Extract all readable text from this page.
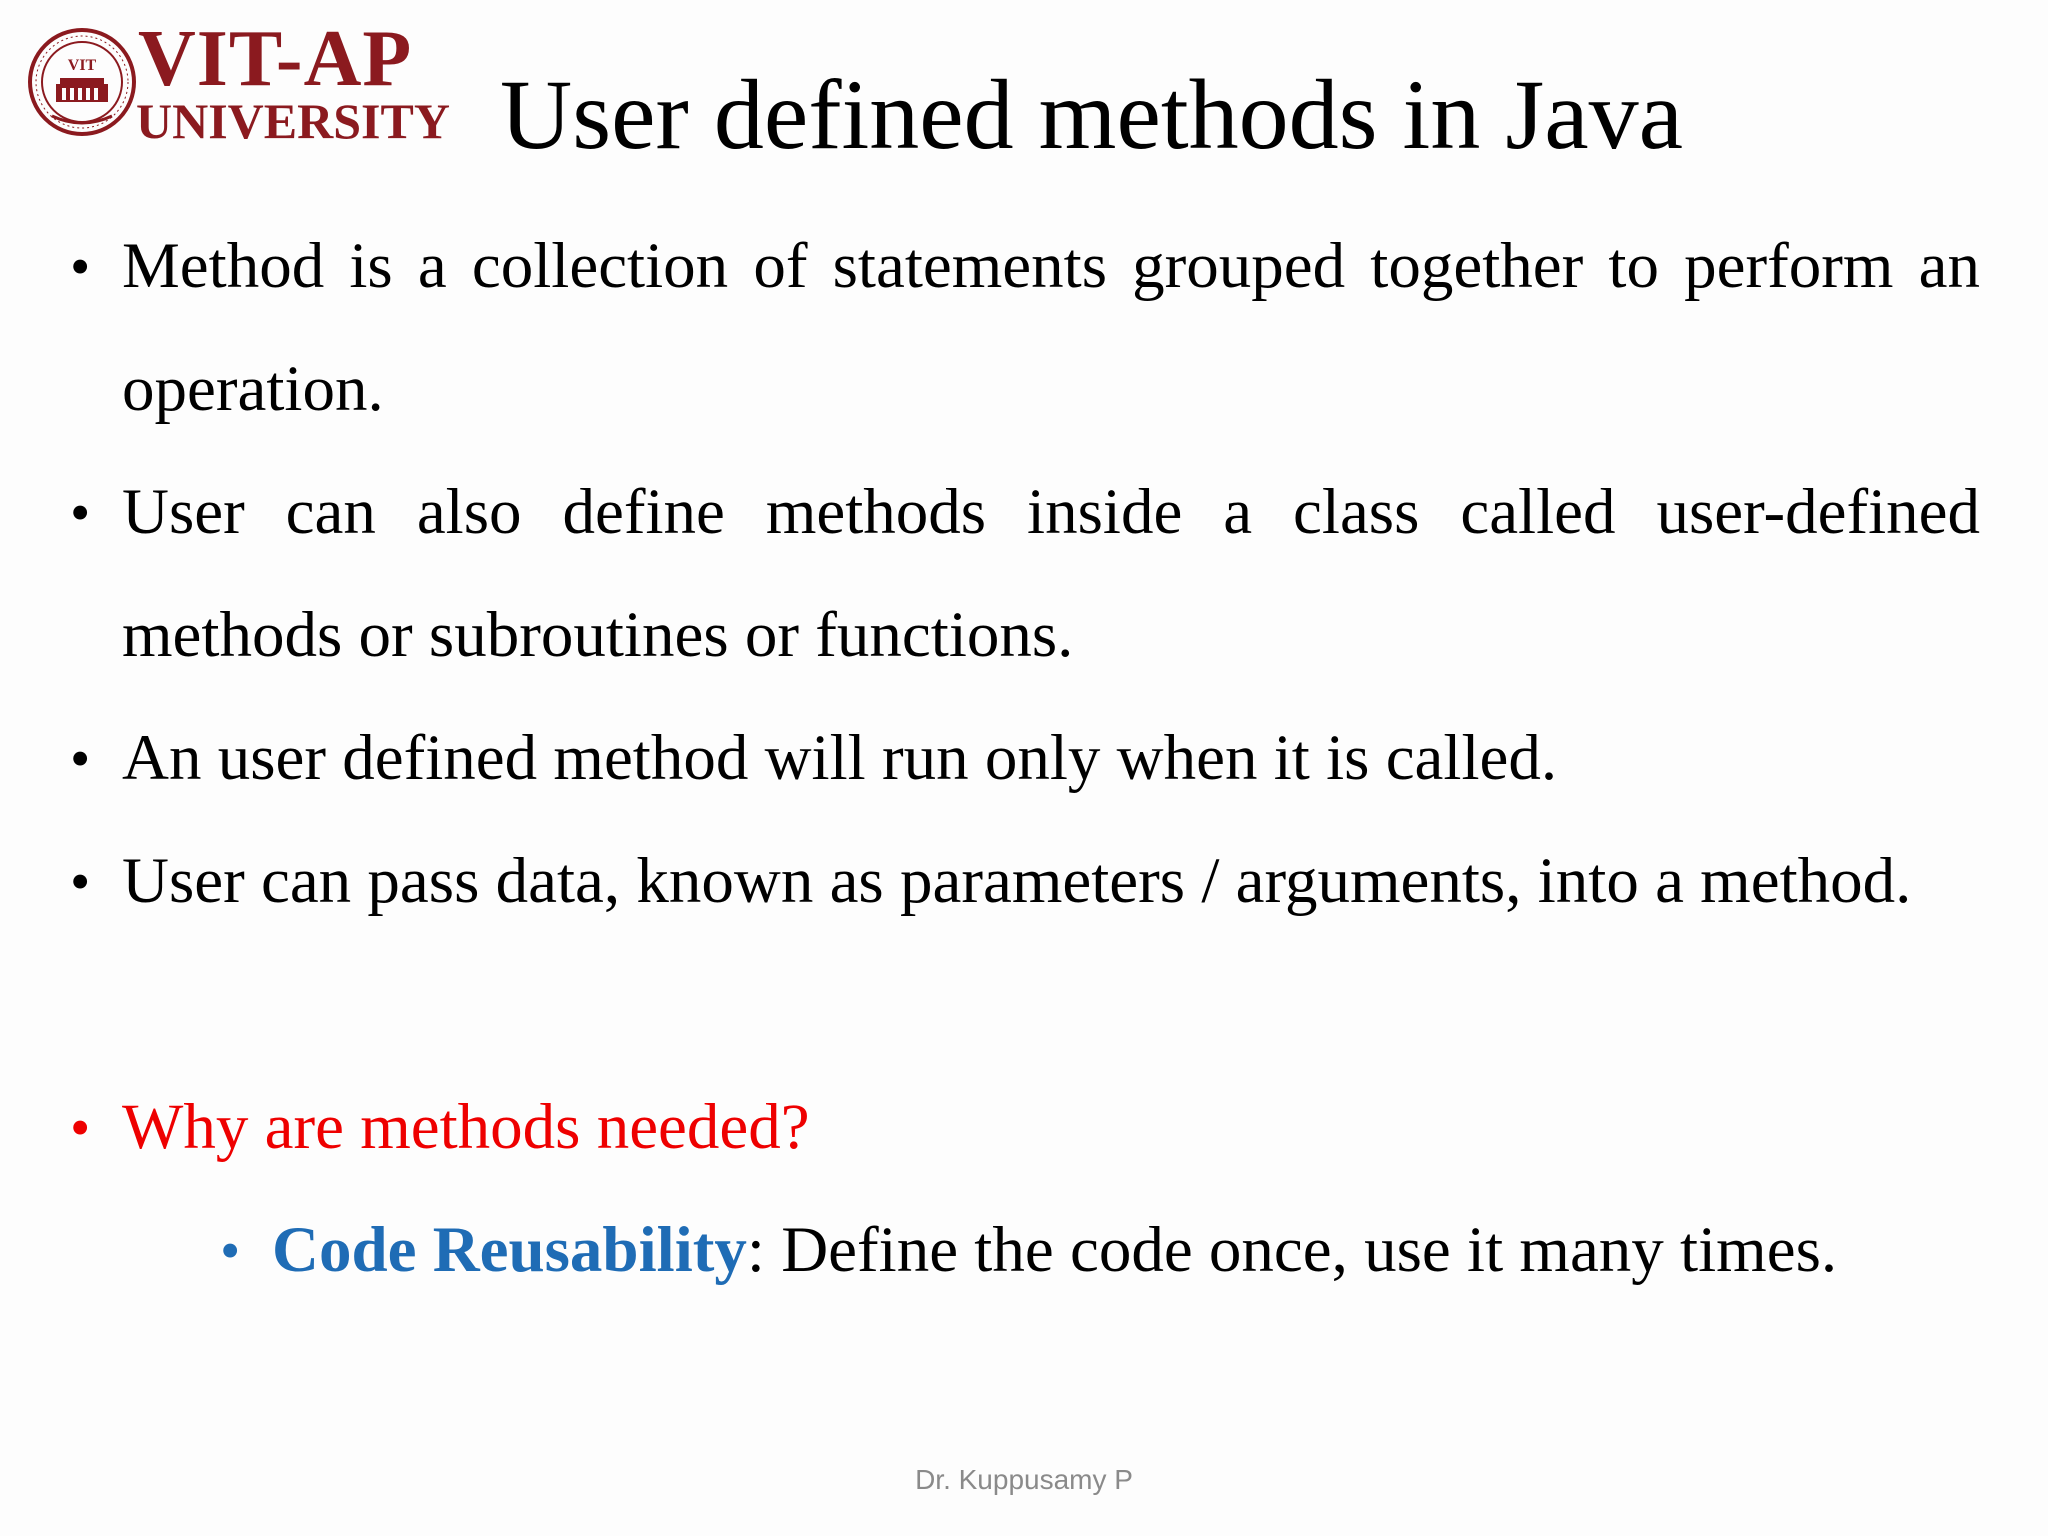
VIT VIT-AP
UNIVERSITY User defined methods in Java
• Method is a collection of statements grouped together to perform an operation.
• User can also define methods inside a class called user-defined methods or subroutines or functions.
• An user defined method will run only when it is called.
• User can pass data, known as parameters / arguments, into a method.
• Why are methods needed?
• Code Reusability: Define the code once, use it many times.
Dr. Kuppusamy P
